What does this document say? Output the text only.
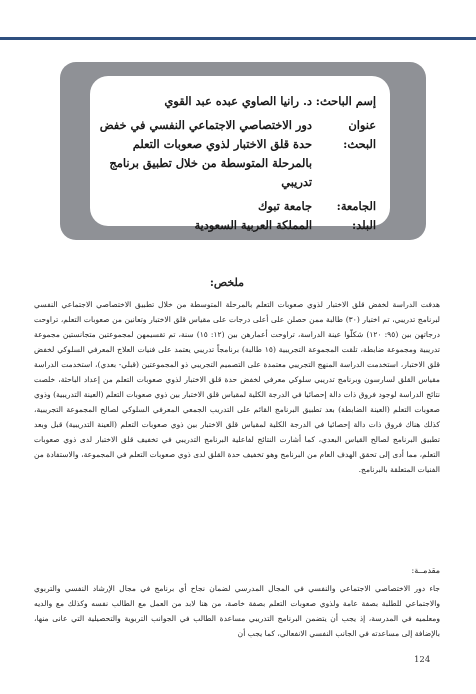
إسم الباحث:
د. رانيا الصاوي عبده عبد القوي
عنوان البحث:
دور الاختصاصي الاجتماعي النفسي في خفض حدة قلق الاختبار لذوي صعوبات التعلم بالمرحلة المتوسطة من خلال تطبيق برنامج تدريبي
الجامعة:
جامعة تبوك
البلد:
المملكة العربية السعودية
ملخص:

هدفت الدراسة لخفض قلق الاختبار لذوي صعوبات التعلم بالمرحلة المتوسطة من خلال تطبيق الاختصاصي الاجتماعي النفسي لبرنامج تدريبي، تم اختيار (٣٠) طالبة ممن حصلن على أعلى درجات على مقياس قلق الاختبار وتعانين من صعوبات التعلم، تراوحت درجاتهن بين (٩٥: ١٢٠) شكلّوا عينة الدراسة، تراوحت أعمارهن بين (١٢: ١٥) سنة، تم تقسيمهن لمجموعتين متجانستين مجموعة تدريبية ومجموعة ضابطة، تلقت المجموعة التجريبية (١٥ طالبة) برنامجاً تدريبي يعتمد على فنيات العلاج المعرفي السلوكي لخفض قلق الاختبار، استخدمت الدراسة المنهج التجريبي معتمدة على التصميم التجريبي ذو المجموعتين (قبلي- بعدي)، استخدمت الدراسة مقياس القلق لسارسون وبرنامج تدريبي سلوكي معرفي لخفض حدة قلق الاختبار لذوي صعوبات التعلم من إعداد الباحثة، خلصت نتائج الدراسة لوجود فروق ذات دالة إحصائيا في الدرجة الكلية لمقياس قلق الاختبار بين ذوي صعوبات التعلم (العينة التدريبية) وذوي صعوبات التعلم (العينة الضابطة) بعد تطبيق البرنامج القائم على التدريب الجمعي المعرفي السلوكي لصالح المجموعة التجريبية، كذلك هناك فروق ذات دالة إحصائيا في الدرجة الكلية لمقياس قلق الاختبار بين ذوي صعوبات التعلم (العينة التدريبية) قبل وبعد تطبيق البرنامج لصالح القياس البعدي، كما أشارت النتائج لفاعلية البرنامج التدريبي في تخفيف قلق الاختبار لدى ذوي صعوبات التعلم، مما أدى إلى تحقق الهدف العام من البرنامج وهو تخفيف حدة القلق لدى ذوي صعوبات التعلم في المجموعة، والاستفادة من الفنيات المتعلقة بالبرنامج.

مقدمــة:

جاء دور الاختصاصي الاجتماعي والنفسي في المجال المدرسي لضمان نجاح أي برنامج في مجال الإرشاد النفسي والتربوي والاجتماعي للطلبة بصفة عامة ولذوي صعوبات التعلم بصفة خاصة، من هنا لابد من العمل مع الطالب نفسه وكذلك مع والديه ومعلميه في المدرسة، إذ يجب أن يتضمن البرنامج التدريبي مساعدة الطالب في الجوانب التربوية والتحصيلية التي عانى منها، بالإضافة إلى مساعدته في الجانب النفسي الانفعالي، كما يجب أن

124
